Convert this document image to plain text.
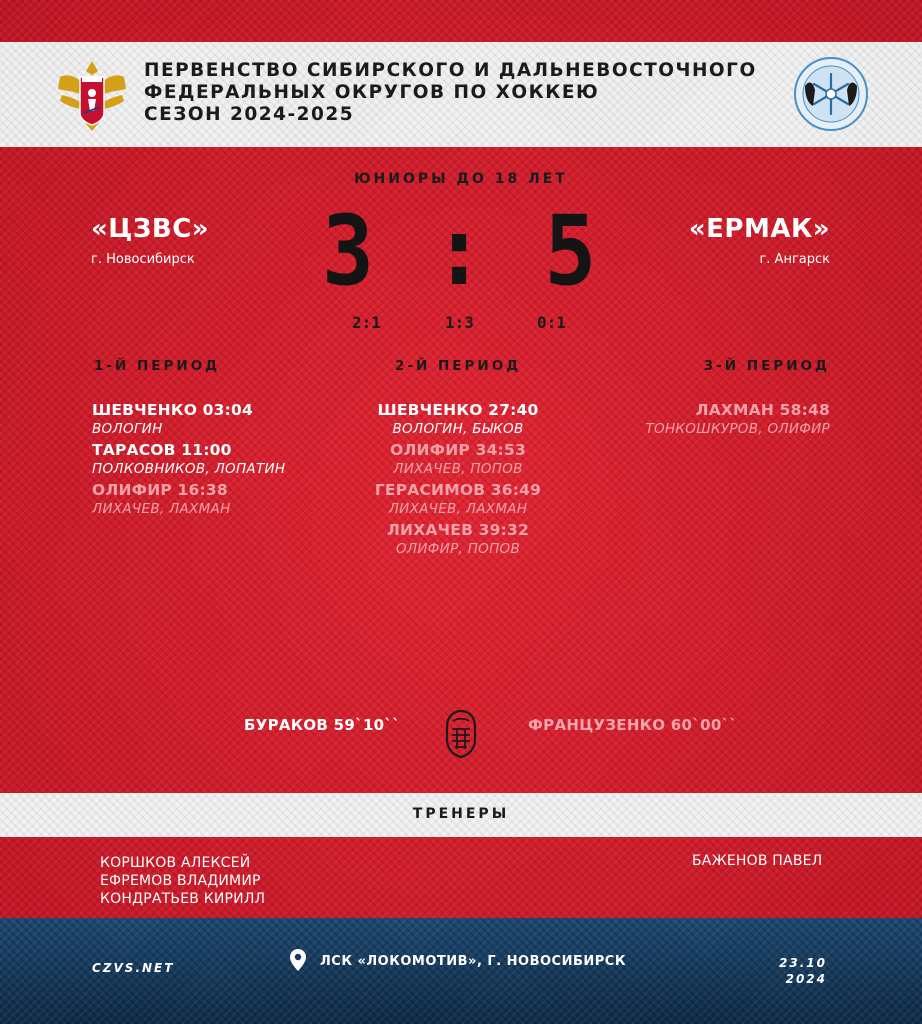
ПЕРВЕНСТВО СИБИРСКОГО И ДАЛЬНЕВОСТОЧНОГО
ФЕДЕРАЛЬНЫХ ОКРУГОВ ПО ХОККЕЮ
СЕЗОН 2024-2025
ЮНИОРЫ ДО 18 ЛЕТ
«ЦЗВС»
г. Новосибирск
«ЕРМАК»
г. Ангарск
3 : 5
2:1	1:3	0:1
1-Й ПЕРИОД	2-Й ПЕРИОД	3-Й ПЕРИОД
ШЕВЧЕНКО 03:04
ВОЛОГИН
ТАРАСОВ 11:00
ПОЛКОВНИКОВ, ЛОПАТИН
ОЛИФИР 16:38
ЛИХАЧЕВ, ЛАХМАН
ШЕВЧЕНКО 27:40
ВОЛОГИН, БЫКОВ
ОЛИФИР 34:53
ЛИХАЧЕВ, ПОПОВ
ГЕРАСИМОВ 36:49
ЛИХАЧЕВ, ЛАХМАН
ЛИХАЧЕВ 39:32
ОЛИФИР, ПОПОВ
ЛАХМАН 58:48
ТОНКОШКУРОВ, ОЛИФИР
БУРАКОВ 59`10``	ФРАНЦУЗЕНКО 60`00``
ТРЕНЕРЫ
КОРШКОВ АЛЕКСЕЙ
ЕФРЕМОВ ВЛАДИМИР
КОНДРАТЬЕВ КИРИЛЛ
БАЖЕНОВ ПАВЕЛ
CZVS.NET	ЛСК «ЛОКОМОТИВ», Г. НОВОСИБИРСК	23.10
2024
